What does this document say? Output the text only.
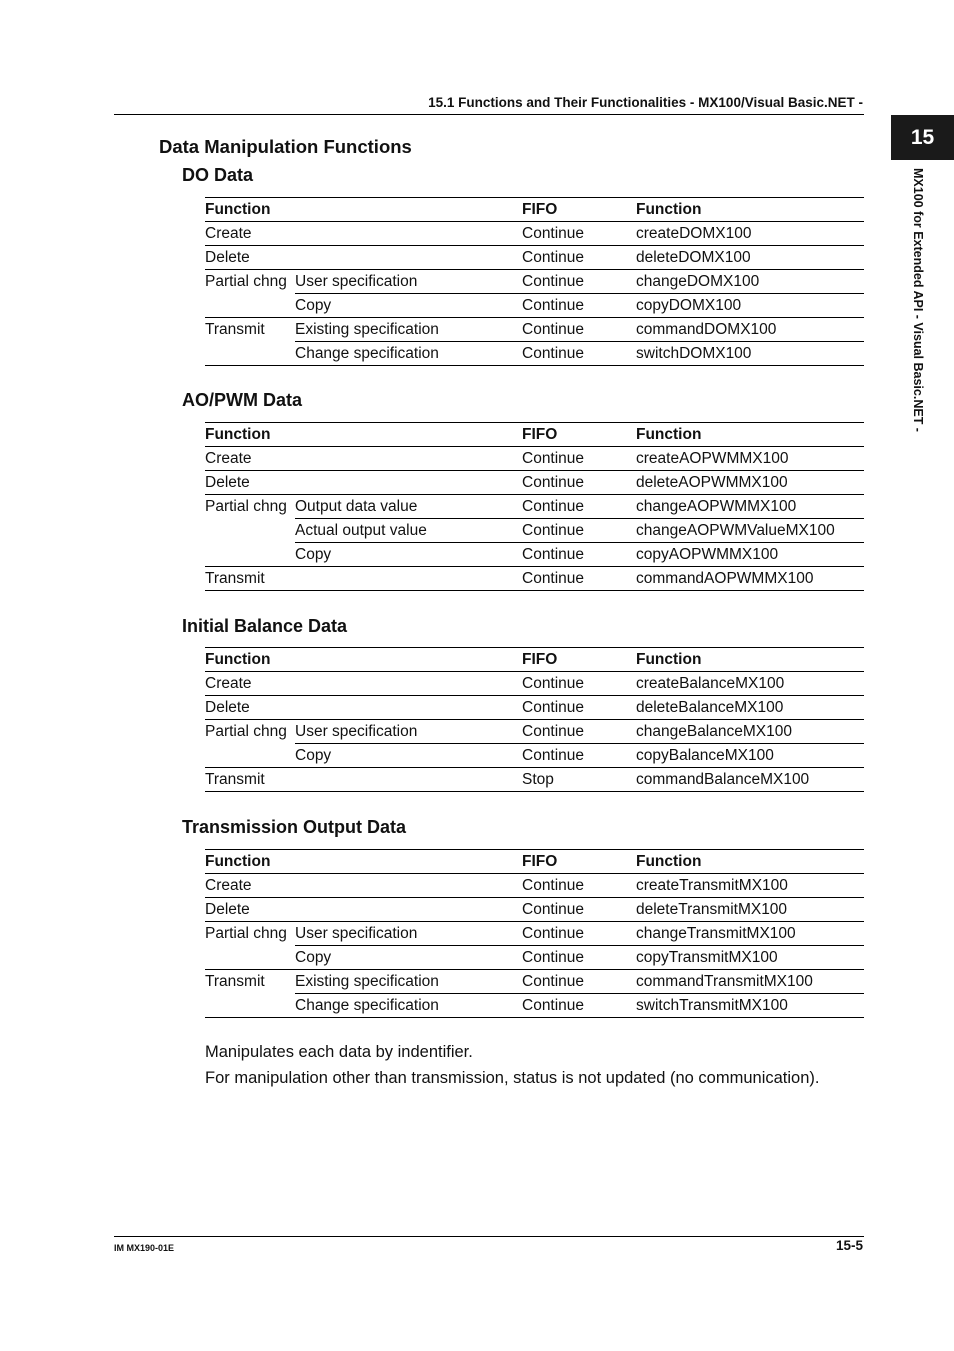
15.1 Functions and Their Functionalities - MX100/Visual Basic.NET -
15
MX100 for Extended API - Visual Basic.NET -
Data Manipulation Functions
DO Data
Function		FIFO	Function
Create		Continue	createDOMX100
Delete		Continue	deleteDOMX100
Partial chng	User specification	Continue	changeDOMX100
	Copy	Continue	copyDOMX100
Transmit	Existing specification	Continue	commandDOMX100
	Change specification	Continue	switchDOMX100
AO/PWM Data
Function		FIFO	Function
Create		Continue	createAOPWMMX100
Delete		Continue	deleteAOPWMMX100
Partial chng	Output data value	Continue	changeAOPWMMX100
	Actual output value	Continue	changeAOPWMValueMX100
	Copy	Continue	copyAOPWMMX100
Transmit		Continue	commandAOPWMMX100
Initial Balance Data
Function		FIFO	Function
Create		Continue	createBalanceMX100
Delete		Continue	deleteBalanceMX100
Partial chng	User specification	Continue	changeBalanceMX100
	Copy	Continue	copyBalanceMX100
Transmit		Stop	commandBalanceMX100
Transmission Output Data
Function		FIFO	Function
Create		Continue	createTransmitMX100
Delete		Continue	deleteTransmitMX100
Partial chng	User specification	Continue	changeTransmitMX100
	Copy	Continue	copyTransmitMX100
Transmit	Existing specification	Continue	commandTransmitMX100
	Change specification	Continue	switchTransmitMX100
Manipulates each data by indentifier.
For manipulation other than transmission, status is not updated (no communication).
IM MX190-01E	15-5
